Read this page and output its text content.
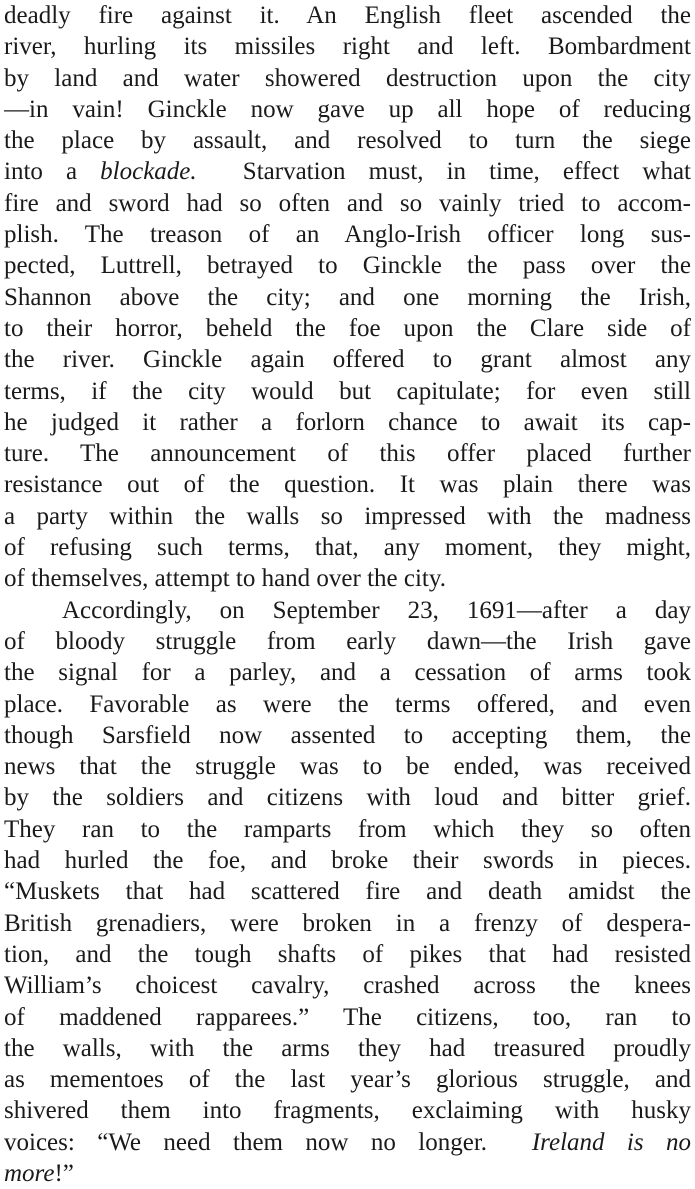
deadly fire against it. An English fleet ascended the
river, hurling its missiles right and left. Bombardment
by land and water showered destruction upon the city
—in vain! Ginckle now gave up all hope of reducing
the place by assault, and resolved to turn the siege
into a blockade.  Starvation must, in time, effect what
fire and sword had so often and so vainly tried to accom-
plish. The treason of an Anglo-Irish officer long sus-
pected, Luttrell, betrayed to Ginckle the pass over the
Shannon above the city; and one morning the Irish,
to their horror, beheld the foe upon the Clare side of
the river. Ginckle again offered to grant almost any
terms, if the city would but capitulate; for even still
he judged it rather a forlorn chance to await its cap-
ture. The announcement of this offer placed further
resistance out of the question. It was plain there was
a party within the walls so impressed with the madness
of refusing such terms, that, any moment, they might,
of themselves, attempt to hand over the city.
Accordingly, on September 23, 1691—after a day
of bloody struggle from early dawn—the Irish gave
the signal for a parley, and a cessation of arms took
place. Favorable as were the terms offered, and even
though Sarsfield now assented to accepting them, the
news that the struggle was to be ended, was received
by the soldiers and citizens with loud and bitter grief.
They ran to the ramparts from which they so often
had hurled the foe, and broke their swords in pieces.
“Muskets that had scattered fire and death amidst the
British grenadiers, were broken in a frenzy of despera-
tion, and the tough shafts of pikes that had resisted
William’s choicest cavalry, crashed across the knees
of maddened rapparees.” The citizens, too, ran to
the walls, with the arms they had treasured proudly
as mementoes of the last year’s glorious struggle, and
shivered them into fragments, exclaiming with husky
voices: “We need them now no longer.  Ireland is no
more!”
